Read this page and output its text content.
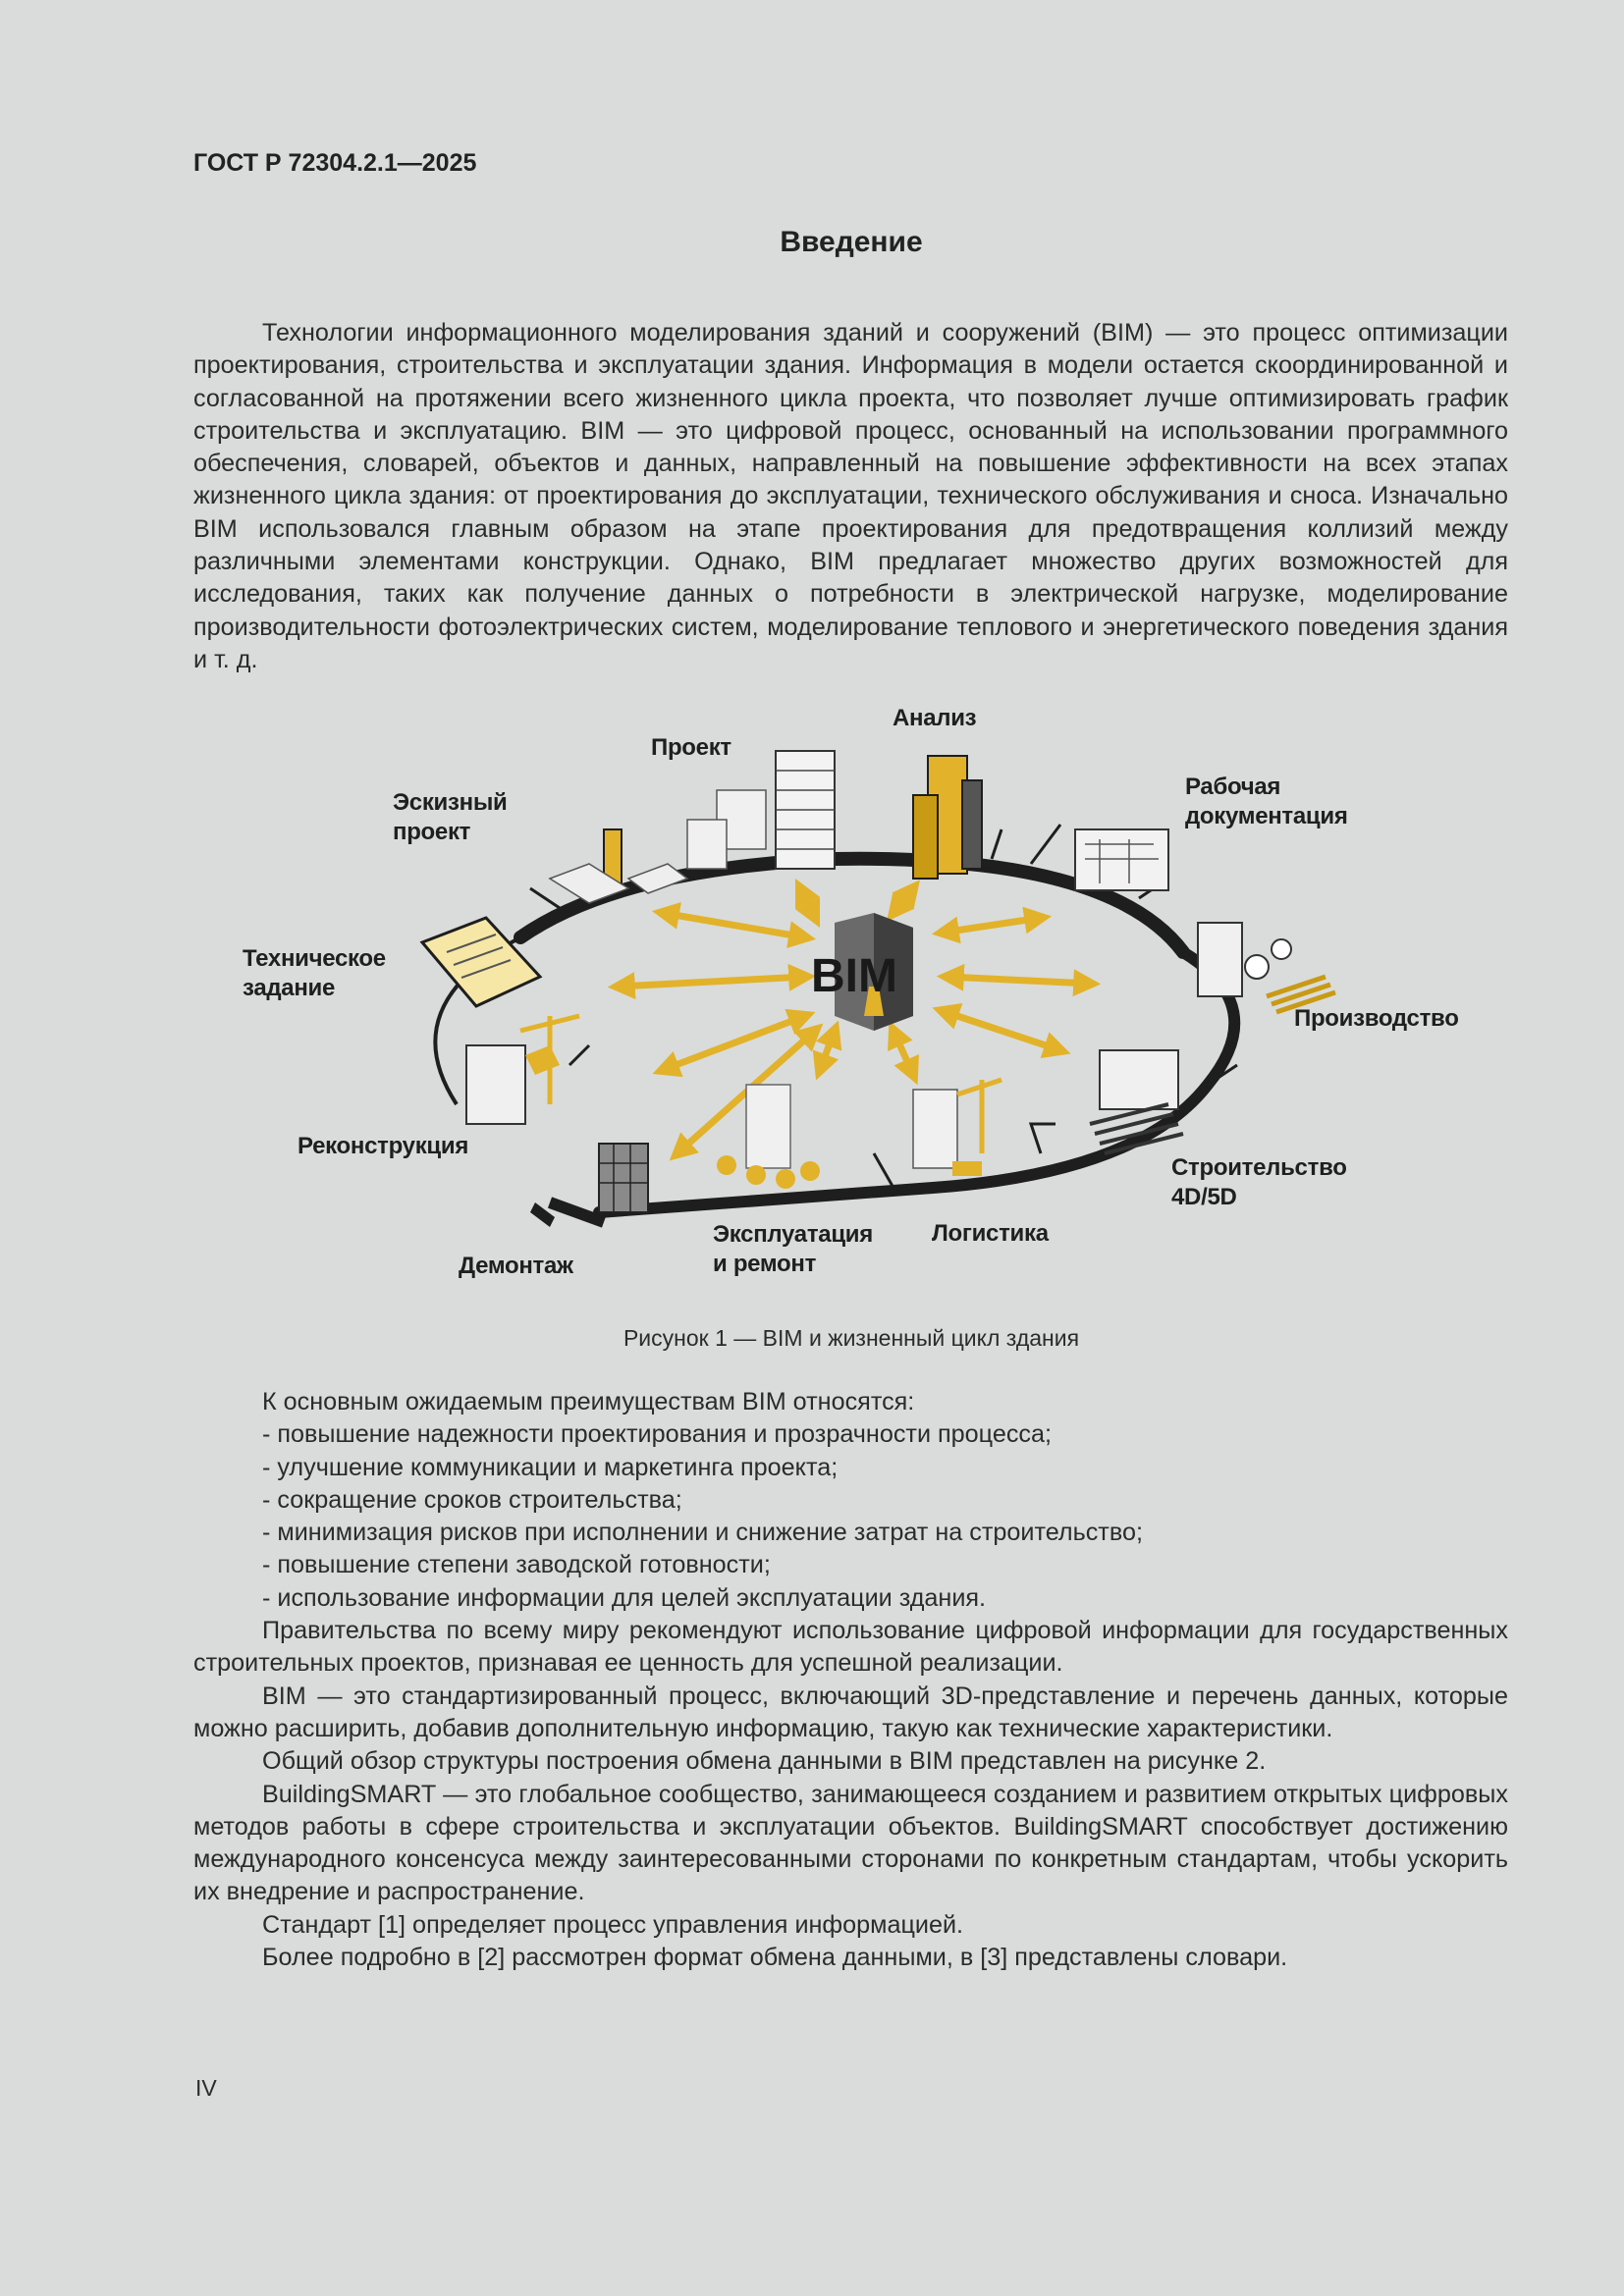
ГОСТ Р 72304.2.1—2025
Введение

Технологии информационного моделирования зданий и сооружений (BIM) — это процесс оптимизации проектирования, строительства и эксплуатации здания. Информация в модели остается скоординированной и согласованной на протяжении всего жизненного цикла проекта, что позволяет лучше оптимизировать график строительства и эксплуатацию. BIM — это цифровой процесс, основанный на использовании программного обеспечения, словарей, объектов и данных, направленный на повышение эффективности на всех этапах жизненного цикла здания: от проектирования до эксплуатации, технического обслуживания и сноса. Изначально BIM использовался главным образом на этапе проектирования для предотвращения коллизий между различными элементами конструкции. Однако, BIM предлагает множество других возможностей для исследования, таких как получение данных о потребности в электрической нагрузке, моделирование производительности фотоэлектрических систем, моделирование теплового и энергетического поведения здания и т. д.

BIM
Анализ
Проект
Эскизный
проект
Рабочая
документация
Техническое
задание
Производство
Реконструкция
Строительство
4D/5D
Демонтаж
Эксплуатация
и ремонт
Логистика
Рисунок 1 — BIM и жизненный цикл здания

К основным ожидаемым преимуществам BIM относятся:

- повышение надежности проектирования и прозрачности процесса;

- улучшение коммуникации и маркетинга проекта;

- сокращение сроков строительства;

- минимизация рисков при исполнении и снижение затрат на строительство;

- повышение степени заводской готовности;

- использование информации для целей эксплуатации здания.

Правительства по всему миру рекомендуют использование цифровой информации для государственных строительных проектов, признавая ее ценность для успешной реализации.

BIM — это стандартизированный процесс, включающий 3D-представление и перечень данных, которые можно расширить, добавив дополнительную информацию, такую как технические характеристики.

Общий обзор структуры построения обмена данными в BIM представлен на рисунке 2.

BuildingSMART — это глобальное сообщество, занимающееся созданием и развитием открытых цифровых методов работы в сфере строительства и эксплуатации объектов. BuildingSMART способствует достижению международного консенсуса между заинтересованными сторонами по конкретным стандартам, чтобы ускорить их внедрение и распространение.

Стандарт [1] определяет процесс управления информацией.

Более подробно в [2] рассмотрен формат обмена данными, в [3] представлены словари.

IV
